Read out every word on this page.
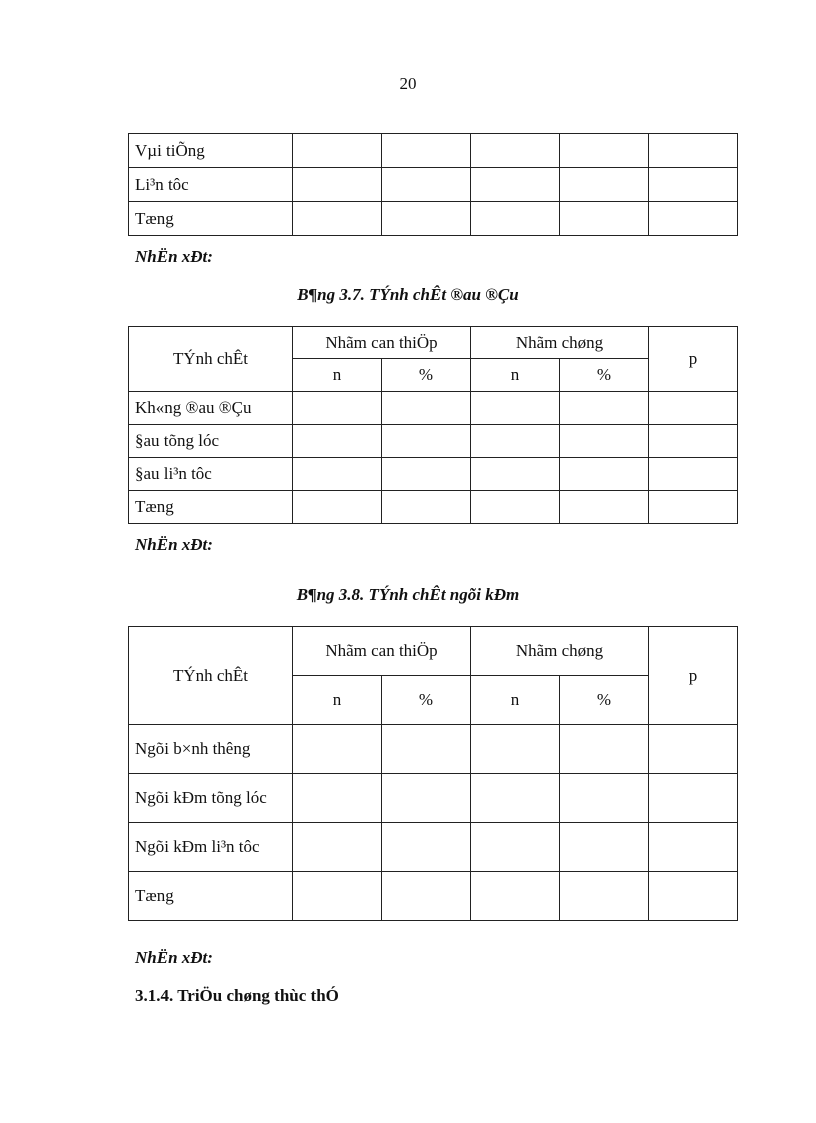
20
Vµi tiÕng					
Li³n tôc					
Tæng					
NhËn xÐt:
B¶ng 3.7. TÝnh chÊt ®au ®Çu
TÝnh chÊt	Nhãm can thiÖp		Nhãm chøng		p
	n	%	n	%	
Kh«ng ®au ®Çu					
§au tõng lóc					
§au li³n tôc					
Tæng					
NhËn xÐt:
B¶ng 3.8. TÝnh chÊt ngõi kÐm
TÝnh chÊt	Nhãm can thiÖp		Nhãm chøng		p
	n	%	n	%	
Ngõi b×nh thêng					
Ngõi kÐm tõng lóc					
Ngõi kÐm li³n tôc					
Tæng					
NhËn xÐt:
3.1.4. TriÖu chøng thùc thÓ
